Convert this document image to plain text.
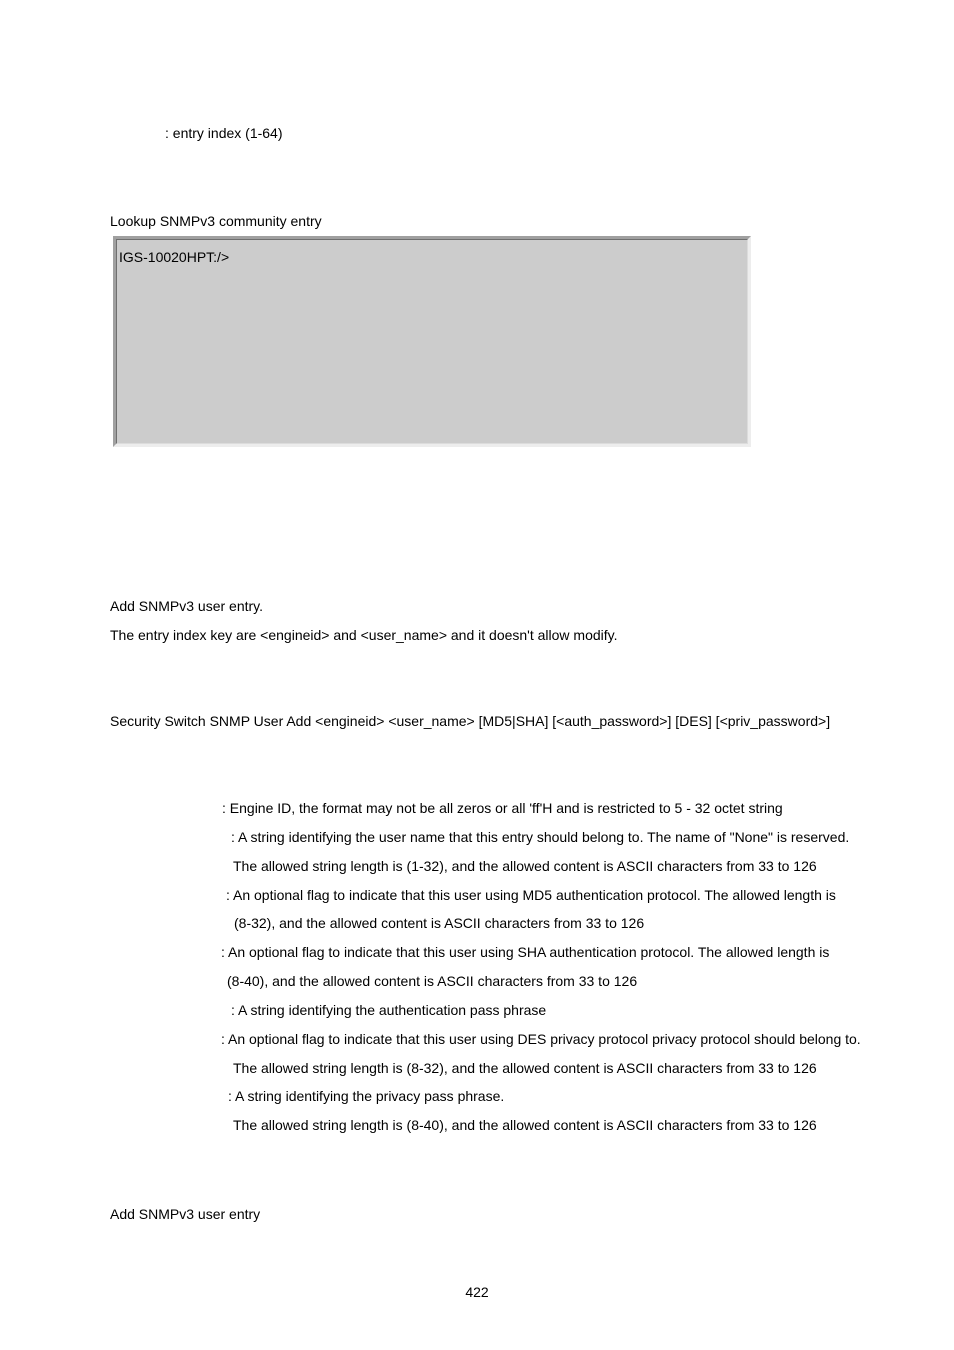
: entry index (1-64)
Lookup SNMPv3 community entry
IGS-10020HPT:/>
Add SNMPv3 user entry.
The entry index key are <engineid> and <user_name> and it doesn't allow modify.
Security Switch SNMP User Add <engineid> <user_name> [MD5|SHA] [<auth_password>] [DES] [<priv_password>]
: Engine ID, the format may not be all zeros or all 'ff'H and is restricted to 5 - 32 octet string
: A string identifying the user name that this entry should belong to. The name of "None" is reserved.
The allowed string length is (1-32), and the allowed content is ASCII characters from 33 to 126
: An optional flag to indicate that this user using MD5 authentication protocol. The allowed length is
(8-32), and the allowed content is ASCII characters from 33 to 126
: An optional flag to indicate that this user using SHA authentication protocol. The allowed length is
(8-40), and the allowed content is ASCII characters from 33 to 126
: A string identifying the authentication pass phrase
: An optional flag to indicate that this user using DES privacy protocol privacy protocol should belong to.
The allowed string length is (8-32), and the allowed content is ASCII characters from 33 to 126
: A string identifying the privacy pass phrase.
The allowed string length is (8-40), and the allowed content is ASCII characters from 33 to 126
Add SNMPv3 user entry
422
